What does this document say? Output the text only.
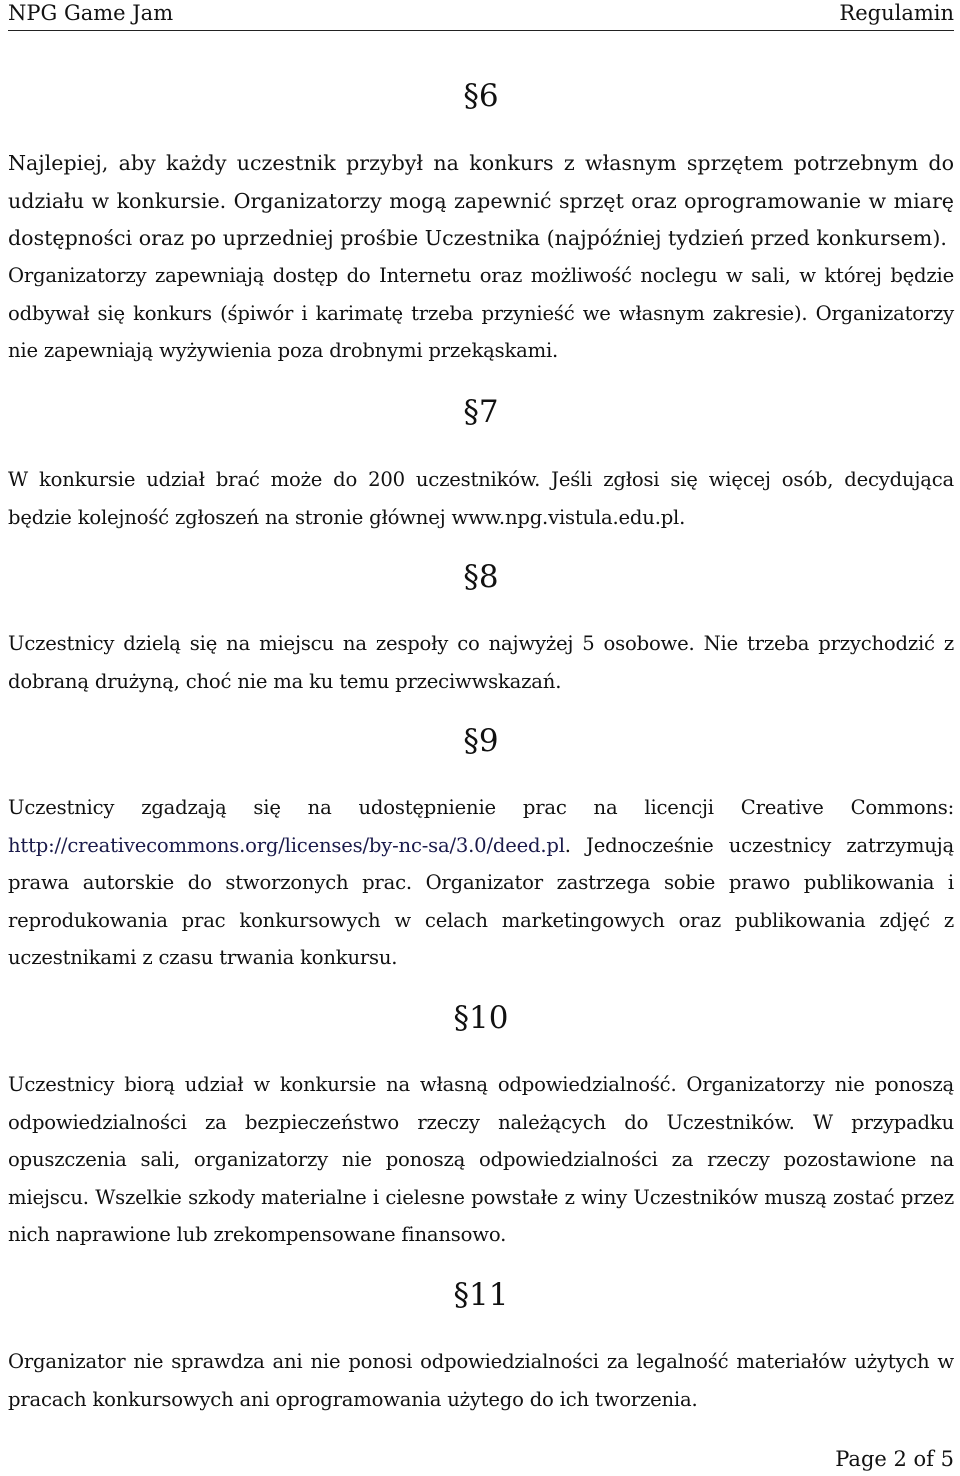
NPG Game Jam	Regulamin
§6

Najlepiej, aby każdy uczestnik przybył na konkurs z własnym sprzętem potrzebnym do udziału w konkursie. Organizatorzy mogą zapewnić sprzęt oraz oprogramowanie w miarę dostępności oraz po uprzedniej prośbie Uczestnika (najpóźniej tydzień przed konkursem).

Organizatorzy zapewniają dostęp do Internetu oraz możliwość noclegu w sali, w której będzie odbywał się konkurs (śpiwór i karimatę trzeba przynieść we własnym zakresie). Organizatorzy nie zapewniają wyżywienia poza drobnymi przekąskami.

§7

W konkursie udział brać może do 200 uczestników. Jeśli zgłosi się więcej osób, decydująca będzie kolejność zgłoszeń na stronie głównej www.npg.vistula.edu.pl.

§8

Uczestnicy dzielą się na miejscu na zespoły co najwyżej 5 osobowe. Nie trzeba przychodzić z dobraną drużyną, choć nie ma ku temu przeciwwskazań.

§9

Uczestnicy zgadzają się na udostępnienie prac na licencji Creative Commons: http://creativecommons.org/licenses/by-nc-sa/3.0/deed.pl. Jednocześnie uczestnicy zatrzymują prawa autorskie do stworzonych prac. Organizator zastrzega sobie prawo publikowania i reprodukowania prac konkursowych w celach marketingowych oraz publikowania zdjęć z uczestnikami z czasu trwania konkursu.

§10

Uczestnicy biorą udział w konkursie na własną odpowiedzialność. Organizatorzy nie ponoszą odpowiedzialności za bezpieczeństwo rzeczy należących do Uczestników. W przypadku opuszczenia sali, organizatorzy nie ponoszą odpowiedzialności za rzeczy pozostawione na miejscu. Wszelkie szkody materialne i cielesne powstałe z winy Uczestników muszą zostać przez nich naprawione lub zrekompensowane finansowo.

§11

Organizator nie sprawdza ani nie ponosi odpowiedzialności za legalność materiałów użytych w pracach konkursowych ani oprogramowania użytego do ich tworzenia.

Page 2 of 5
